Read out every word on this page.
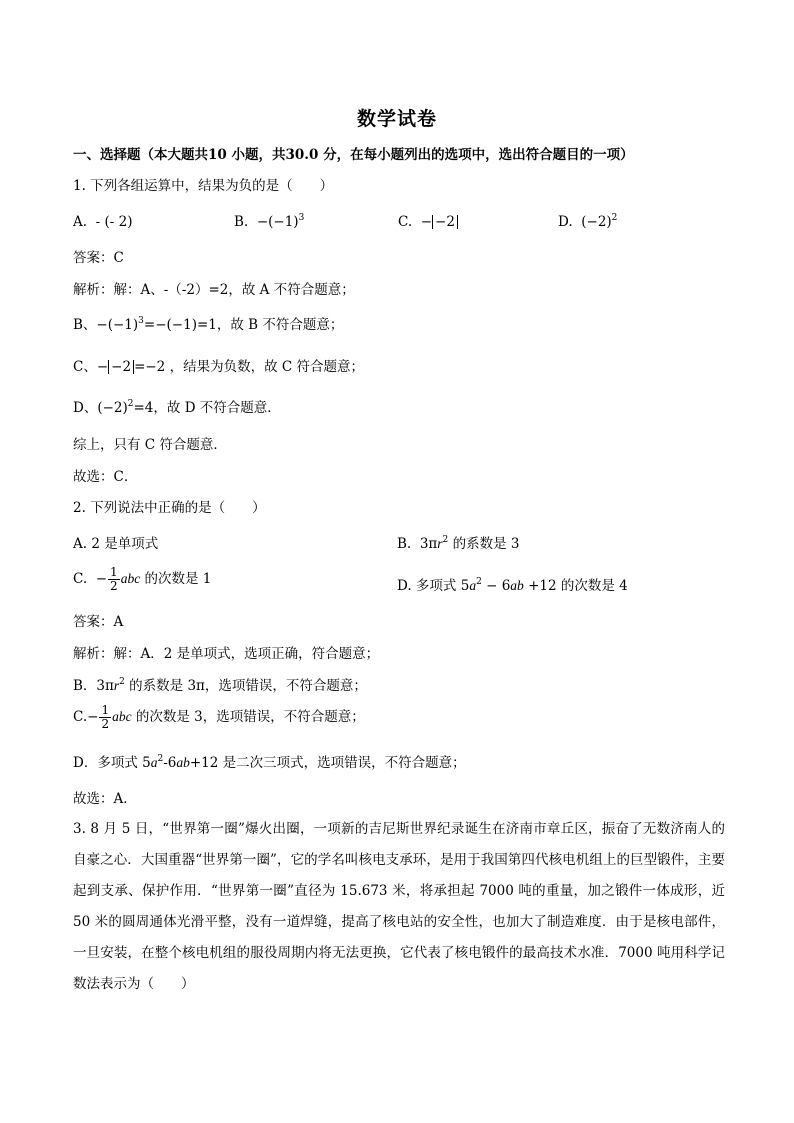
数学试卷
一、选择题（本大题共10 小题，共30.0 分，在每小题列出的选项中，选出符合题目的一项）
1. 下列各组运算中，结果为负的是（　　）
A. - (- 2)	B. $-(-1)^3$	C. − −2	D. $(-2)^2$
答案：C
解析：解：A、-（-2）=2，故 A 不符合题意；
B、$-(-1)^3=-(-1)=1$，故 B 不符合题意；
C、− −2 =−2 ，结果为负数，故 C 符合题意；
D、$(-2)^2=4$，故 D 不符合题意．
综上，只有 C 符合题意．
故选：C．
2. 下列说法中正确的是（　　）
A. 2 是单项式	B. $3\pi r^2$ 的系数是 3
C. − $\frac{1}{2}$ abc 的次数是 1	D. 多项式 $5a^2 - 6ab +12$ 的次数是 4
答案：A
解析：解：A．2 是单项式，选项正确，符合题意；
B．$3\pi r^2$ 的系数是 3π，选项错误，不符合题意；
$C.- \frac{1}{2}$ abc 的次数是 3，选项错误，不符合题意；
D．多项式 $5a^2-6ab+12$ 是二次三项式，选项错误，不符合题意；
故选：A．
3. 8 月 5 日，“世界第一圈”爆火出圈，一项新的吉尼斯世界纪录诞生在济南市章丘区，振奋了无数济南人的自豪之心．大国重器“世界第一圈”，它的学名叫核电支承环，是用于我国第四代核电机组上的巨型锻件，主要起到支承、保护作用．“世界第一圈”直径为 15.673 米，将承担起 7000 吨的重量，加之锻件一体成形，近 50 米的圆周通体光滑平整，没有一道焊缝，提高了核电站的安全性，也加大了制造难度．由于是核电部件，一旦安装，在整个核电机组的服役周期内将无法更换，它代表了核电锻件的最高技术水准．7000 吨用科学记数法表示为（　　）
